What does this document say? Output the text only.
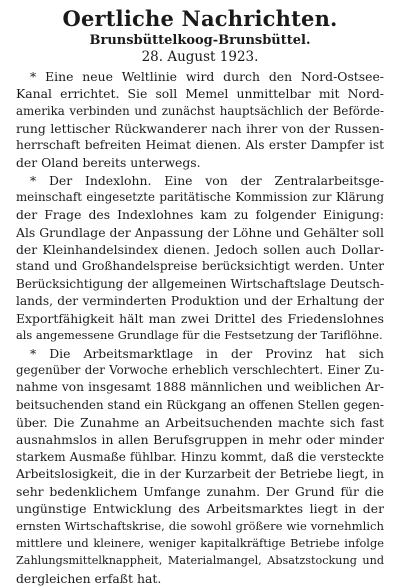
Oertliche Nachrichten.
Brunsbüttelkoog-Brunsbüttel.
28. August 1923.
* Eine neue Weltlinie wird durch den Nord-Ostsee-
Kanal errichtet. Sie soll Memel unmittelbar mit Nord-
amerika verbinden und zunächst hauptsächlich der Beförde-
rung lettischer Rückwanderer nach ihrer von der Russen-
herrschaft befreiten Heimat dienen. Als erster Dampfer ist
der Oland bereits unterwegs.
* Der Indexlohn. Eine von der Zentralarbeitsge-
meinschaft eingesetzte paritätische Kommission zur Klärung
der Frage des Indexlohnes kam zu folgender Einigung:
Als Grundlage der Anpassung der Löhne und Gehälter soll
der Kleinhandelsindex dienen. Jedoch sollen auch Dollar-
stand und Großhandelspreise berücksichtigt werden. Unter
Berücksichtigung der allgemeinen Wirtschaftslage Deutsch-
lands, der verminderten Produktion und der Erhaltung der
Exportfähigkeit hält man zwei Drittel des Friedenslohnes
als angemessene Grundlage für die Festsetzung der Tariflöhne.
* Die Arbeitsmarktlage in der Provinz hat sich
gegenüber der Vorwoche erheblich verschlechtert. Einer Zu-
nahme von insgesamt 1888 männlichen und weiblichen Ar-
beitsuchenden stand ein Rückgang an offenen Stellen gegen-
über. Die Zunahme an Arbeitsuchenden machte sich fast
ausnahmslos in allen Berufsgruppen in mehr oder minder
starkem Ausmaße fühlbar. Hinzu kommt, daß die versteckte
Arbeitslosigkeit, die in der Kurzarbeit der Betriebe liegt, in
sehr bedenklichem Umfange zunahm. Der Grund für die
ungünstige Entwicklung des Arbeitsmarktes liegt in der
ernsten Wirtschaftskrise, die sowohl größere wie vornehmlich
mittlere und kleinere, weniger kapitalkräftige Betriebe infolge
Zahlungsmittelknappheit, Materialmangel, Absatzstockung und
dergleichen erfaßt hat.
